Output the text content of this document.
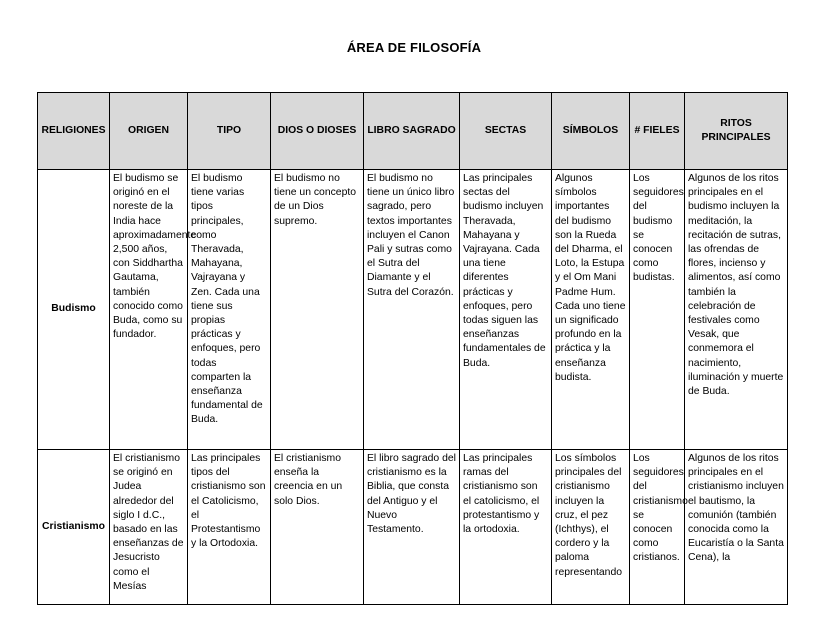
ÁREA DE FILOSOFÍA
RELIGIONES	ORIGEN	TIPO	DIOS O DIOSES	LIBRO SAGRADO	SECTAS	SÍMBOLOS	# FIELES	RITOS PRINCIPALES
Budismo	El budismo se originó en el noreste de la India hace aproximadamente 2,500 años, con Siddhartha Gautama, también conocido como Buda, como su fundador.	El budismo tiene varias tipos principales, como Theravada, Mahayana, Vajrayana y Zen. Cada una tiene sus propias prácticas y enfoques, pero todas comparten la enseñanza fundamental de Buda.	El budismo no tiene un concepto de un Dios supremo.	El budismo no tiene un único libro sagrado, pero textos importantes incluyen el Canon Pali y sutras como el Sutra del Diamante y el Sutra del Corazón.	Las principales sectas del budismo incluyen Theravada, Mahayana y Vajrayana. Cada una tiene diferentes prácticas y enfoques, pero todas siguen las enseñanzas fundamentales de Buda.	Algunos símbolos importantes del budismo son la Rueda del Dharma, el Loto, la Estupa y el Om Mani Padme Hum. Cada uno tiene un significado profundo en la práctica y la enseñanza budista.	Los seguidores del budismo se conocen como budistas.	Algunos de los ritos principales en el budismo incluyen la meditación, la recitación de sutras, las ofrendas de flores, incienso y alimentos, así como también la celebración de festivales como Vesak, que conmemora el nacimiento, iluminación y muerte de Buda.
Cristianismo	El cristianismo se originó en Judea alrededor del siglo I d.C., basado en las enseñanzas de Jesucristo como el Mesías	Las principales tipos del cristianismo son el Catolicismo, el Protestantismo y la Ortodoxia.	El cristianismo enseña la creencia en un solo Dios.	El libro sagrado del cristianismo es la Biblia, que consta del Antiguo y el Nuevo Testamento.	Las principales ramas del cristianismo son el catolicismo, el protestantismo y la ortodoxia.	Los símbolos principales del cristianismo incluyen la cruz, el pez (Ichthys), el cordero y la paloma representando	Los seguidores del cristianismo se conocen como cristianos.	Algunos de los ritos principales en el cristianismo incluyen el bautismo, la comunión (también conocida como la Eucaristía o la Santa Cena), la
